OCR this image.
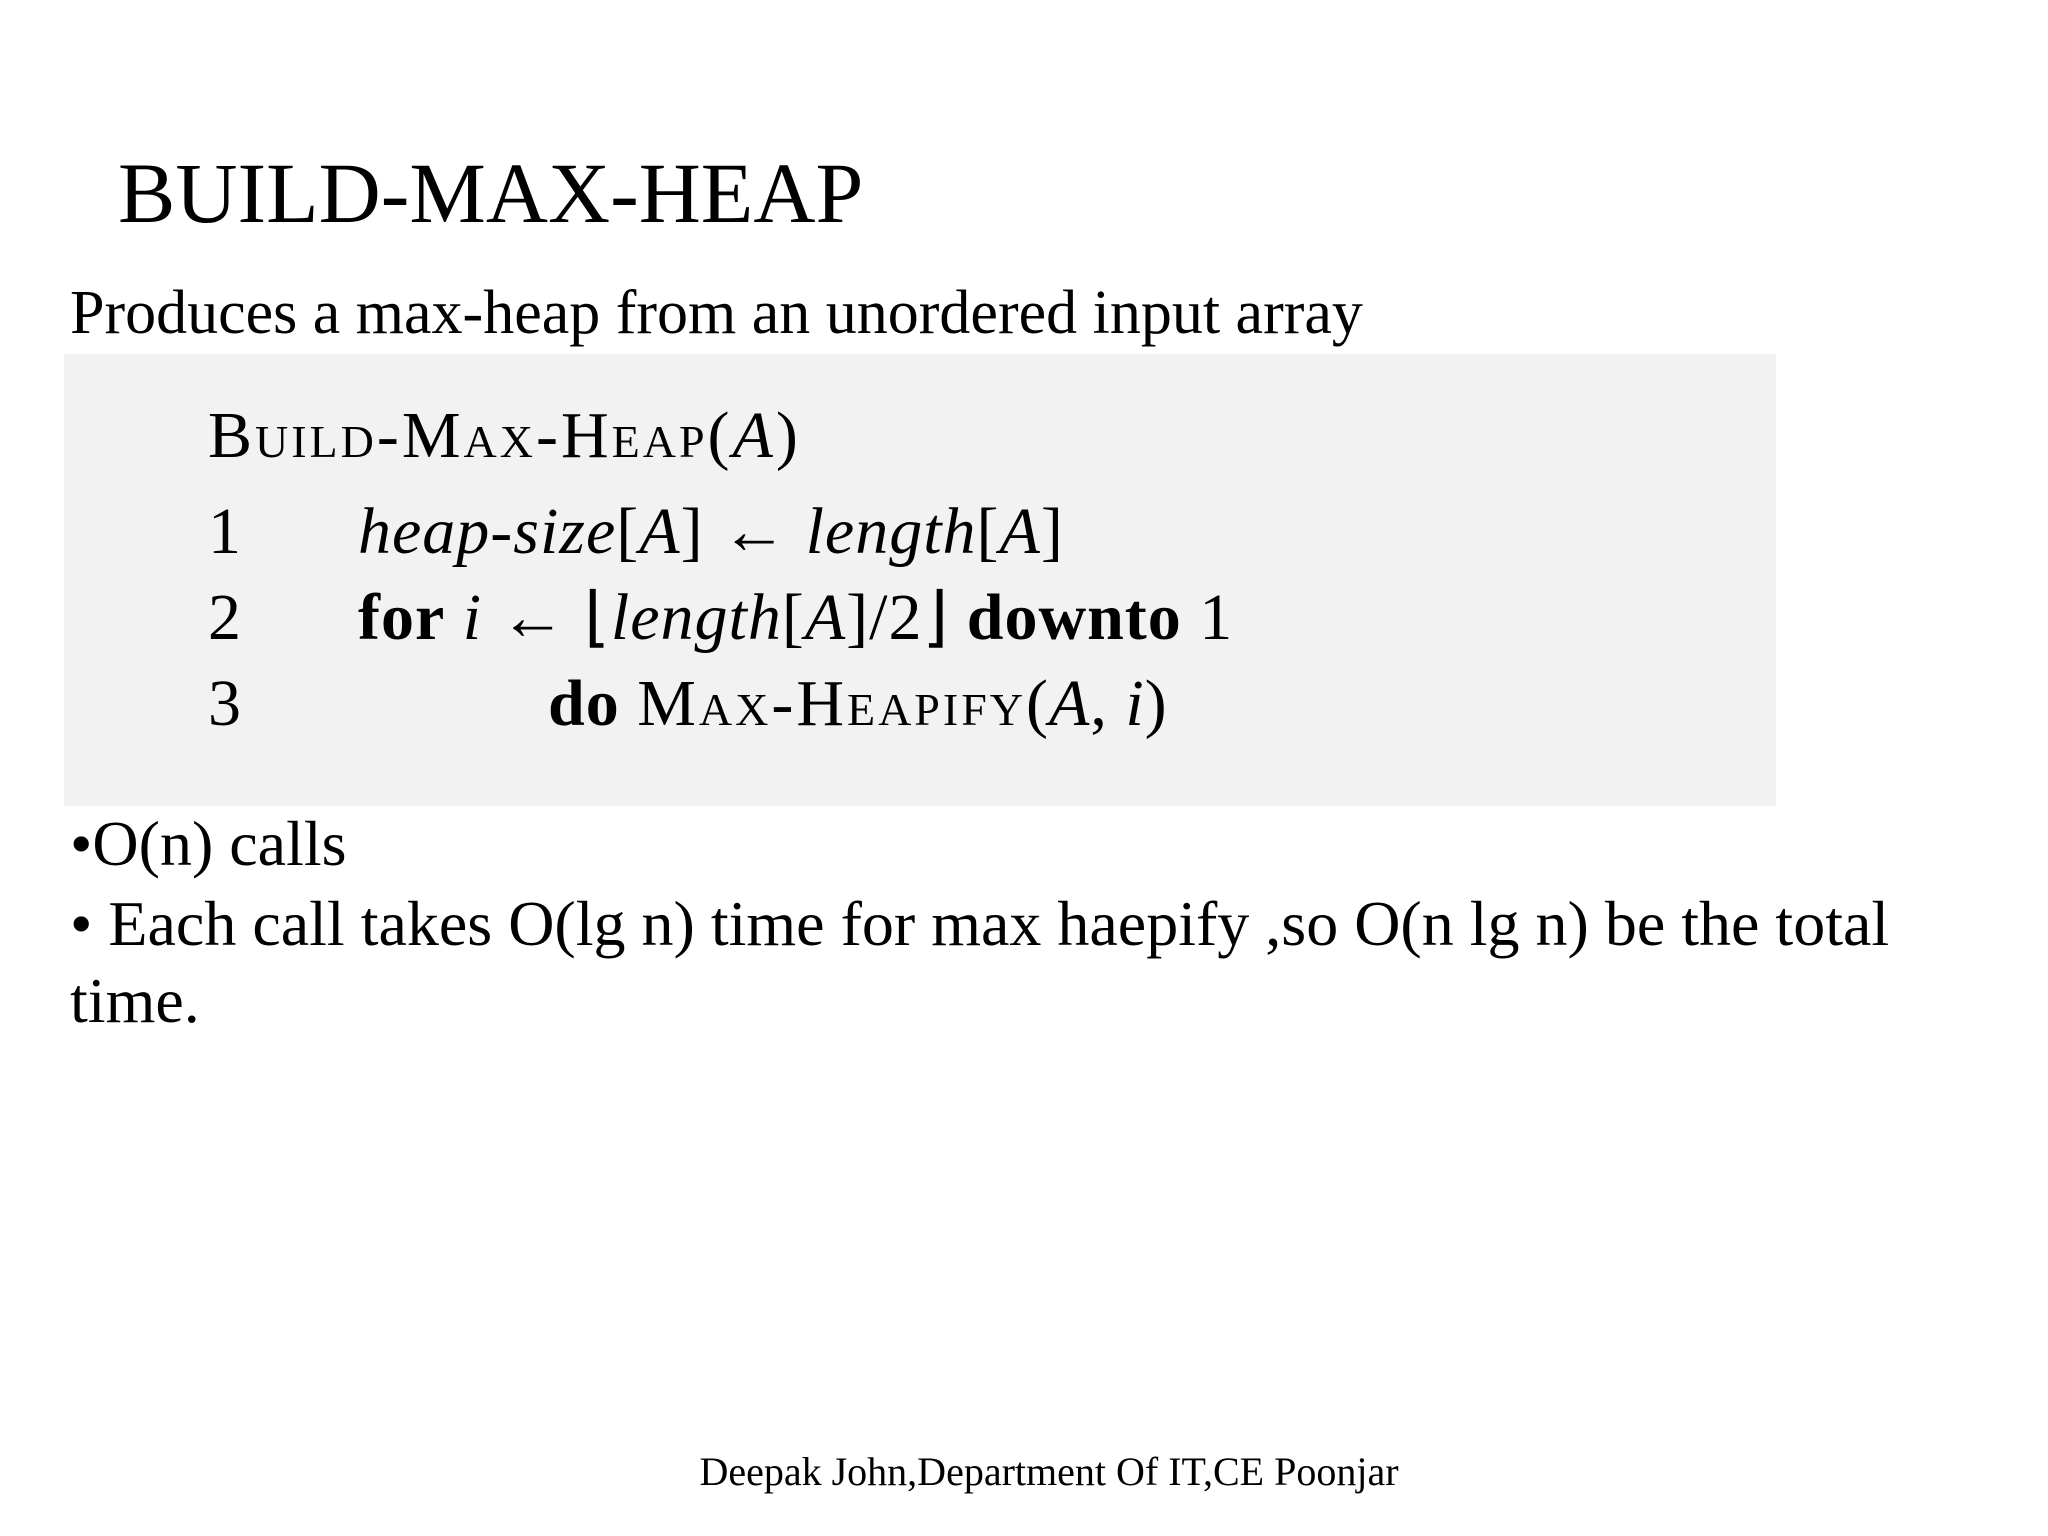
BUILD-MAX-HEAP
Produces a max-heap from an unordered input array
Build-Max-Heap(A)
1 heap-size[A] ← length[A]
2 for i ← ⌊length[A]/2⌋ downto 1
3	do Max-Heapify(A, i)
•O(n) calls
• Each call takes O(lg n) time for max haepify ,so O(n lg n) be the total time.
Deepak John,Department Of IT,CE Poonjar
